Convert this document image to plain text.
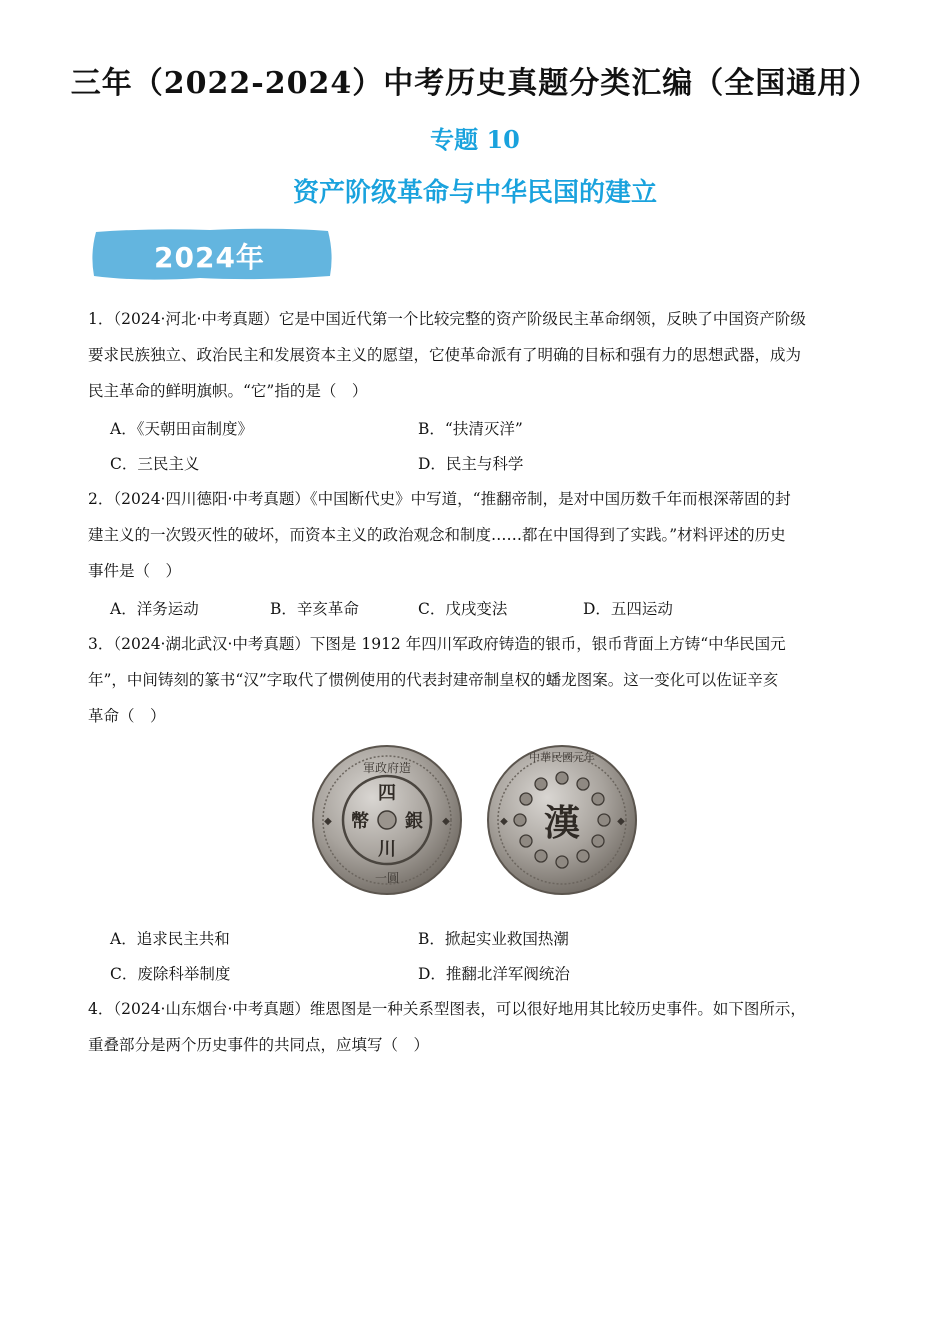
三年（2022-2024）中考历史真题分类汇编（全国通用）
专题 10
资产阶级革命与中华民国的建立
2024年
1．（2024·河北·中考真题）它是中国近代第一个比较完整的资产阶级民主革命纲领，反映了中国资产阶级
要求民族独立、政治民主和发展资本主义的愿望，它使革命派有了明确的目标和强有力的思想武器，成为
民主革命的鲜明旗帜。“它”指的是（　）
A．《天朝田亩制度》	B．“扶清灭洋”
C．三民主义	D．民主与科学
2．（2024·四川德阳·中考真题）《中国断代史》中写道，“推翻帝制，是对中国历数千年而根深蒂固的封
建主义的一次毁灭性的破坏，而资本主义的政治观念和制度……都在中国得到了实践。”材料评述的历史
事件是（　）
A．洋务运动	B．辛亥革命	C．戊戌变法	D．五四运动
3．（2024·湖北武汉·中考真题）下图是 1912 年四川军政府铸造的银币，银币背面上方铸“中华民国元
年”，中间铸刻的篆书“汉”字取代了惯例使用的代表封建帝制皇权的蟠龙图案。这一变化可以佐证辛亥
革命（　）
軍政府造
四
幣 銀
川
一圓
◆	◆
中華民國元年
漢
◆	◆
A．追求民主共和	B．掀起实业救国热潮
C．废除科举制度	D．推翻北洋军阀统治
4．（2024·山东烟台·中考真题）维恩图是一种关系型图表，可以很好地用其比较历史事件。如下图所示，
重叠部分是两个历史事件的共同点，应填写（　）
